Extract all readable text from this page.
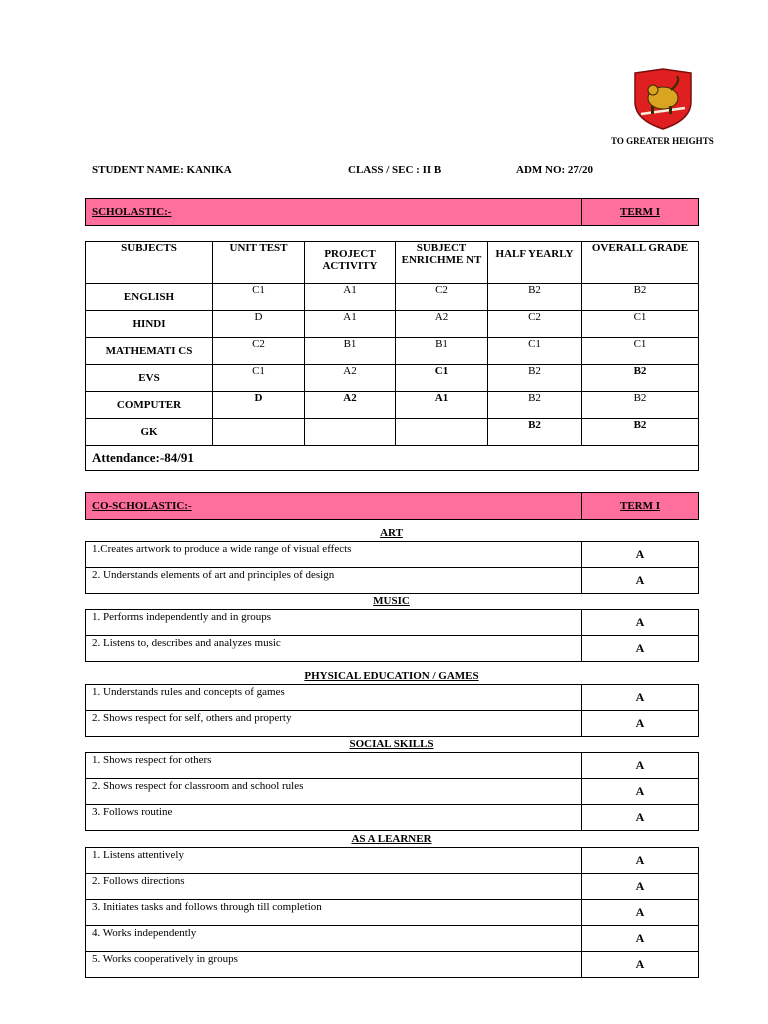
TO GREATER HEIGHTS
STUDENT NAME: KANIKA	CLASS / SEC : II B	ADM NO: 27/20
SCHOLASTIC:-	TERM I
SUBJECTS	UNIT TEST	PROJECT ACTIVITY	SUBJECT ENRICHME NT	HALF YEARLY	OVERALL GRADE
ENGLISH	C1	A1	C2	B2	B2
HINDI	D	A1	A2	C2	C1
MATHEMATI CS	C2	B1	B1	C1	C1
EVS	C1	A2	C1	B2	B2
COMPUTER	D	A2	A1	B2	B2
GK				B2	B2
Attendance:-84/91					
CO-SCHOLASTIC:-	TERM I
ART
1.Creates artwork to produce a wide range of visual effects	A
2. Understands elements of art and principles of design	A
MUSIC
1. Performs independently and in groups	A
2. Listens to, describes and analyzes music	A
PHYSICAL EDUCATION / GAMES
1. Understands rules and concepts of games	A
2. Shows respect for self, others and property	A
SOCIAL SKILLS
1. Shows respect for others	A
2. Shows respect for classroom and school rules	A
3. Follows routine	A
AS A LEARNER
1. Listens attentively	A
2. Follows directions	A
3. Initiates tasks and follows through till completion	A
4. Works independently	A
5. Works cooperatively in groups	A
